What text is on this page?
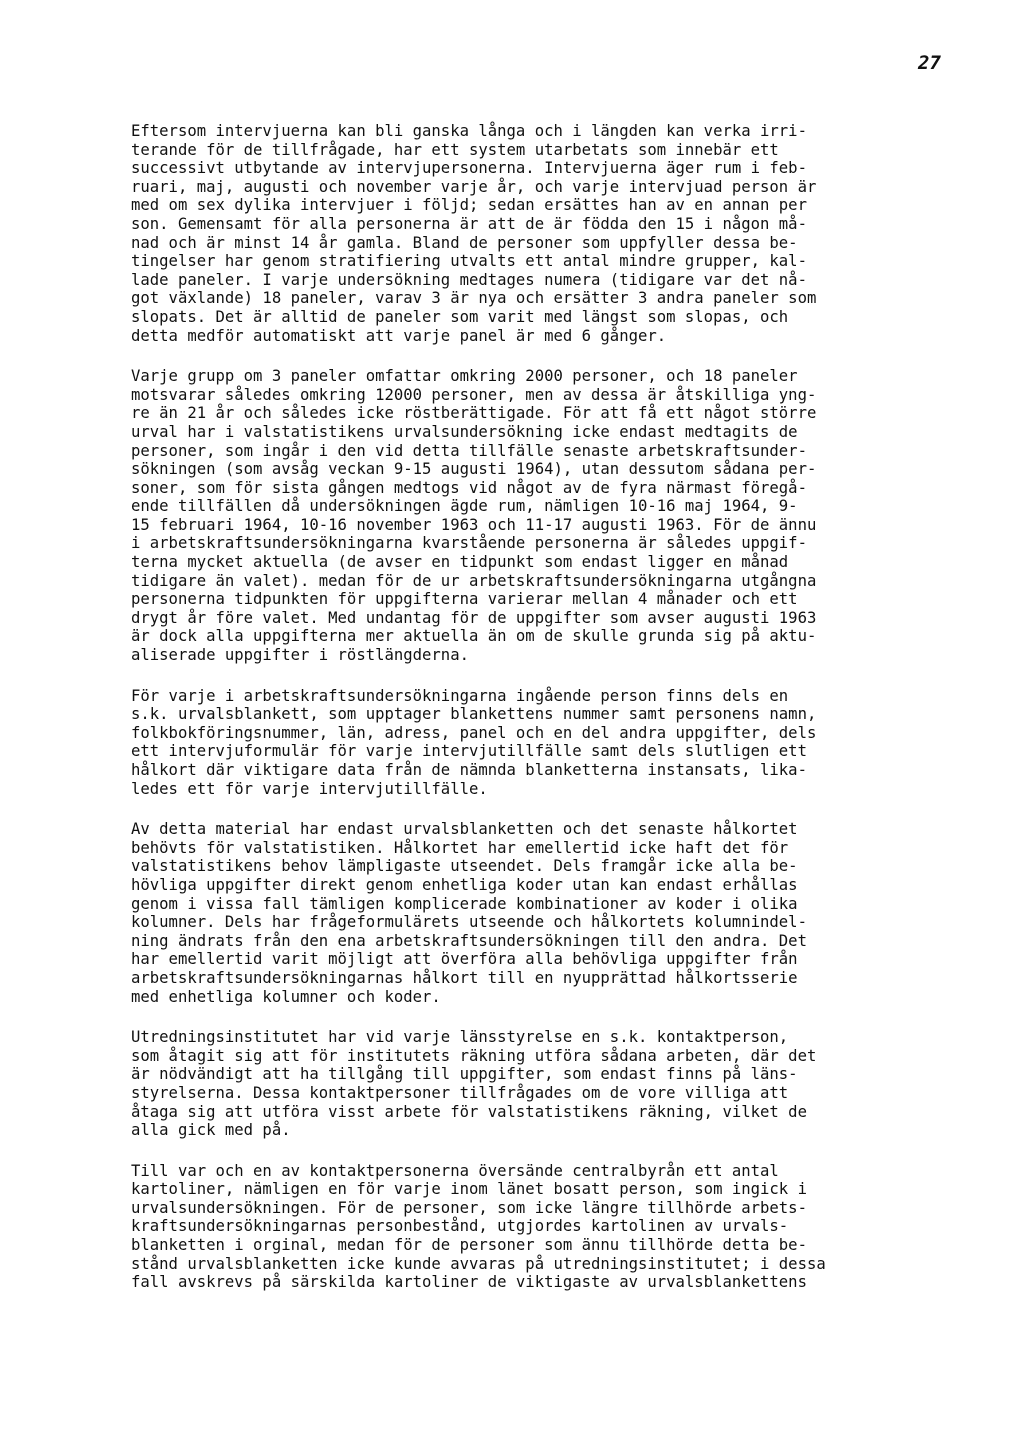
27

Eftersom intervjuerna kan bli ganska långa och i längden kan verka irri-
terande för de tillfrågade, har ett system utarbetats som innebär ett
successivt utbytande av intervjupersonerna. Intervjuerna äger rum i feb-
ruari, maj, augusti och november varje år, och varje intervjuad person är
med om sex dylika intervjuer i följd; sedan ersättes han av en annan per
son. Gemensamt för alla personerna är att de är födda den 15 i någon må-
nad och är minst 14 år gamla. Bland de personer som uppfyller dessa be-
tingelser har genom stratifiering utvalts ett antal mindre grupper, kal-
lade paneler. I varje undersökning medtages numera (tidigare var det nå-
got växlande) 18 paneler, varav 3 är nya och ersätter 3 andra paneler som
slopats. Det är alltid de paneler som varit med längst som slopas, och
detta medför automatiskt att varje panel är med 6 gånger.

Varje grupp om 3 paneler omfattar omkring 2000 personer, och 18 paneler
motsvarar således omkring 12000 personer, men av dessa är åtskilliga yng-
re än 21 år och således icke röstberättigade. För att få ett något större
urval har i valstatistikens urvalsundersökning icke endast medtagits de
personer, som ingår i den vid detta tillfälle senaste arbetskraftsunder-
sökningen (som avsåg veckan 9-15 augusti 1964), utan dessutom sådana per-
soner, som för sista gången medtogs vid något av de fyra närmast föregå-
ende tillfällen då undersökningen ägde rum, nämligen 10-16 maj 1964, 9-
15 februari 1964, 10-16 november 1963 och 11-17 augusti 1963. För de ännu
i arbetskraftsundersökningarna kvarstående personerna är således uppgif-
terna mycket aktuella (de avser en tidpunkt som endast ligger en månad
tidigare än valet). medan för de ur arbetskraftsundersökningarna utgångna
personerna tidpunkten för uppgifterna varierar mellan 4 månader och ett
drygt år före valet. Med undantag för de uppgifter som avser augusti 1963
är dock alla uppgifterna mer aktuella än om de skulle grunda sig på aktu-
aliserade uppgifter i röstlängderna.

För varje i arbetskraftsundersökningarna ingående person finns dels en
s.k. urvalsblankett, som upptager blankettens nummer samt personens namn,
folkbokföringsnummer, län, adress, panel och en del andra uppgifter, dels
ett intervjuformulär för varje intervjutillfälle samt dels slutligen ett
hålkort där viktigare data från de nämnda blanketterna instansats, lika-
ledes ett för varje intervjutillfälle.

Av detta material har endast urvalsblanketten och det senaste hålkortet
behövts för valstatistiken. Hålkortet har emellertid icke haft det för
valstatistikens behov lämpligaste utseendet. Dels framgår icke alla be-
hövliga uppgifter direkt genom enhetliga koder utan kan endast erhållas
genom i vissa fall tämligen komplicerade kombinationer av koder i olika
kolumner. Dels har frågeformulärets utseende och hålkortets kolumnindel-
ning ändrats från den ena arbetskraftsundersökningen till den andra. Det
har emellertid varit möjligt att överföra alla behövliga uppgifter från
arbetskraftsundersökningarnas hålkort till en nyupprättad hålkortsserie
med enhetliga kolumner och koder.

Utredningsinstitutet har vid varje länsstyrelse en s.k. kontaktperson,
som åtagit sig att för institutets räkning utföra sådana arbeten, där det
är nödvändigt att ha tillgång till uppgifter, som endast finns på läns-
styrelserna. Dessa kontaktpersoner tillfrågades om de vore villiga att
åtaga sig att utföra visst arbete för valstatistikens räkning, vilket de
alla gick med på.

Till var och en av kontaktpersonerna översände centralbyrån ett antal
kartoliner, nämligen en för varje inom länet bosatt person, som ingick i
urvalsundersökningen. För de personer, som icke längre tillhörde arbets-
kraftsundersökningarnas personbestånd, utgjordes kartolinen av urvals-
blanketten i orginal, medan för de personer som ännu tillhörde detta be-
stånd urvalsblanketten icke kunde avvaras på utredningsinstitutet; i dessa
fall avskrevs på särskilda kartoliner de viktigaste av urvalsblankettens
